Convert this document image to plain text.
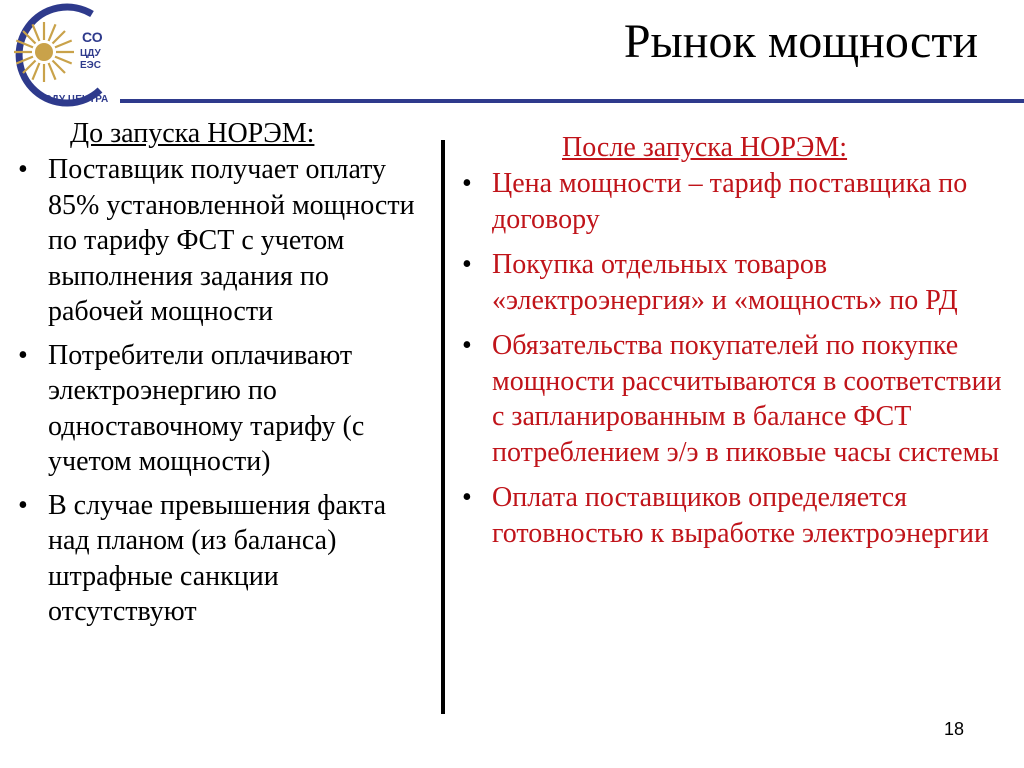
СО
ЦДУ
ЕЭС
ОДУ ЦЕНТРА
Рынок мощности

До запуска НОРЭМ:

• Поставщик получает оплату 85% установленной мощности по тарифу ФСТ с учетом выполнения задания по рабочей мощности
• Потребители оплачивают электроэнергию по одноставочному тарифу (с учетом мощности)
• В случае превышения факта над планом (из баланса) штрафные санкции отсутствуют

После запуска НОРЭМ:

• Цена мощности – тариф поставщика по договору
• Покупка отдельных товаров «электроэнергия» и «мощность» по РД
• Обязательства покупателей по покупке мощности рассчитываются в соответствии с запланированным в балансе ФСТ потреблением э/э в пиковые часы системы
• Оплата поставщиков определяется готовностью к выработке электроэнергии
18
